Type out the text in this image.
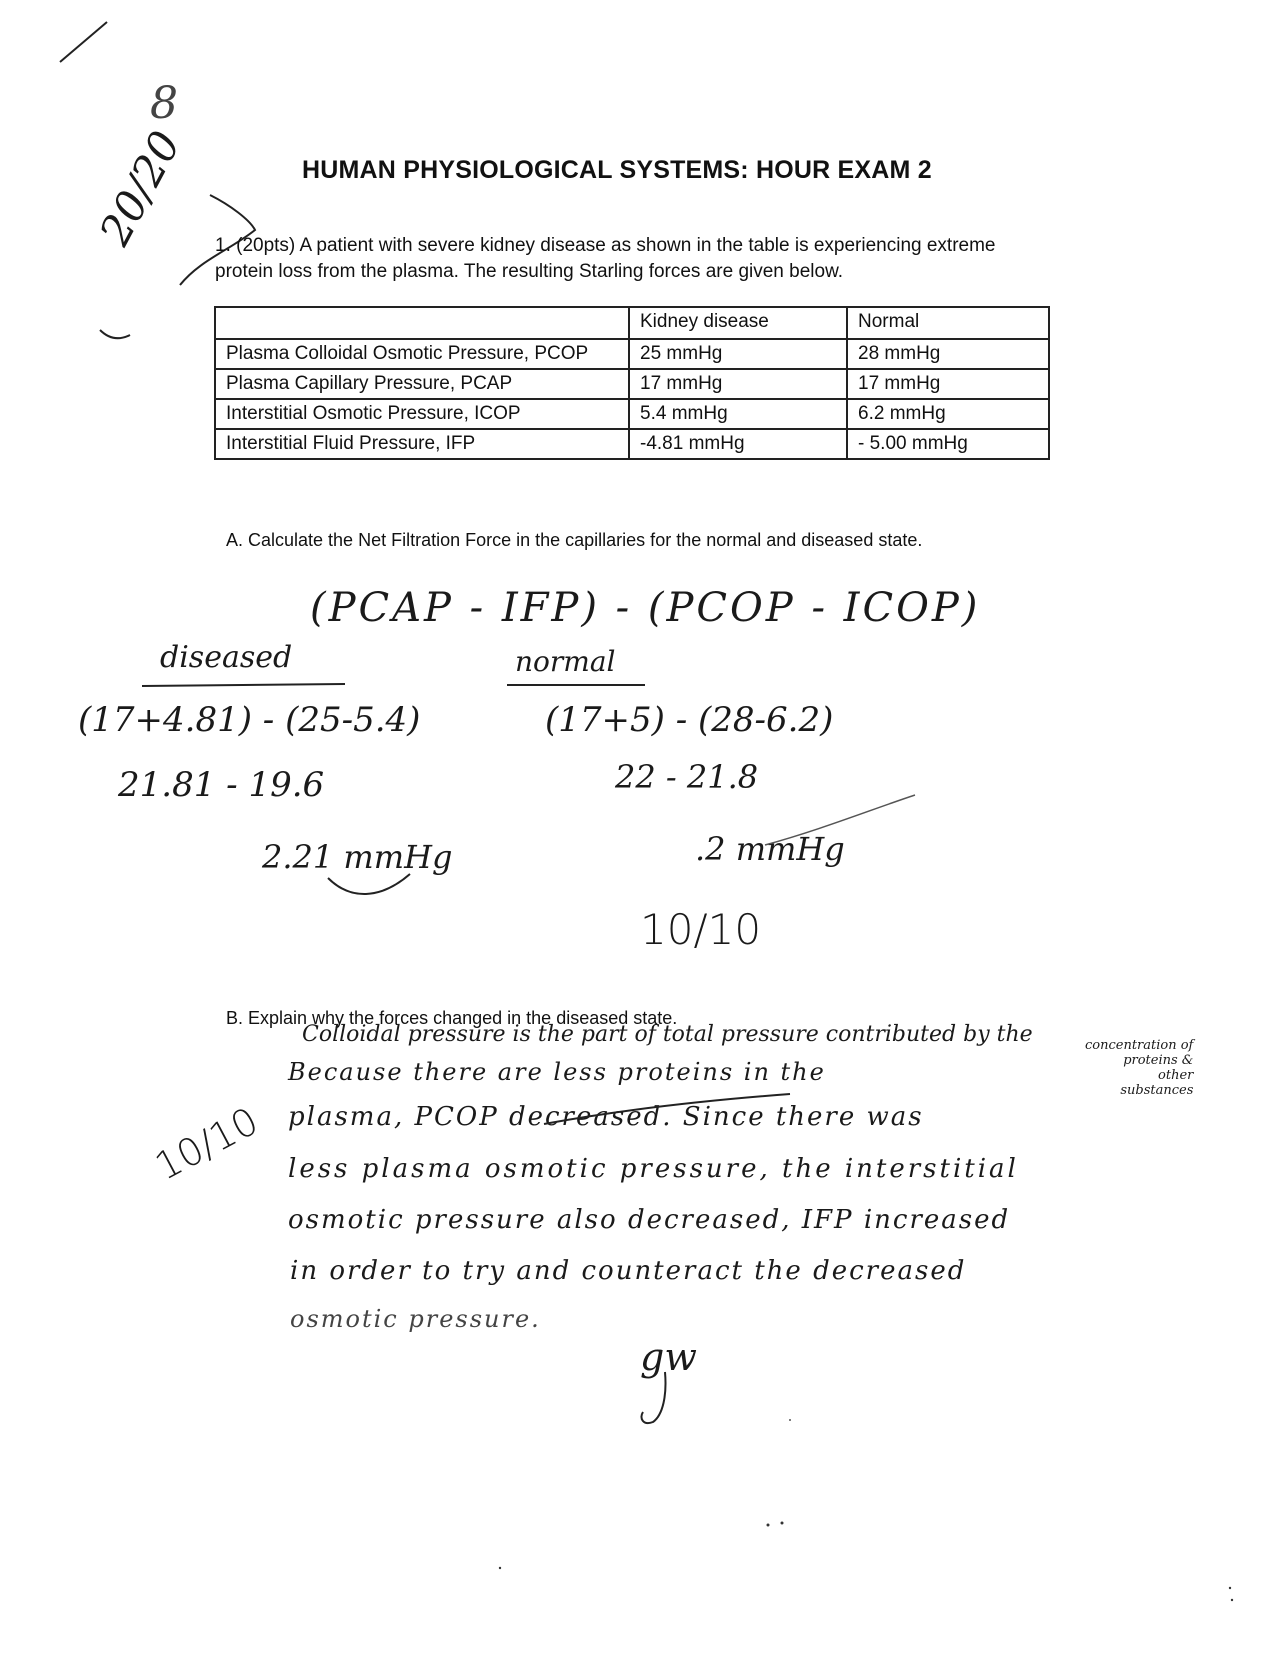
8
20/20	HUMAN PHYSIOLOGICAL SYSTEMS: HOUR EXAM 2
1. (20pts) A patient with severe kidney disease as shown in the table is experiencing extreme protein loss from the plasma. The resulting Starling forces are given below.
	Kidney disease	Normal
Plasma Colloidal Osmotic Pressure, PCOP	25 mmHg	28 mmHg
Plasma Capillary Pressure, PCAP	17 mmHg	17 mmHg
Interstitial Osmotic Pressure, ICOP	5.4 mmHg	6.2 mmHg
Interstitial Fluid Pressure, IFP	-4.81 mmHg	- 5.00 mmHg
A. Calculate the Net Filtration Force in the capillaries for the normal and diseased state.
(PCAP - IFP) - (PCOP - ICOP)
diseased
(17+4.81) - (25-5.4)
21.81 - 19.6
2.21 mmHg
normal
(17+5) - (28-6.2)
22 - 21.8
.2 mmHg
10/10
B. Explain why the forces changed in the diseased state.
Colloidal pressure is the part of total pressure contributed by the
Because there are less proteins in the
plasma, PCOP decreased. Since there was
less plasma osmotic pressure, the interstitial
osmotic pressure also decreased, IFP increased
in order to try and counteract the decreased
osmotic pressure.
concentration of
proteins &
other
substances
10/10
gw
